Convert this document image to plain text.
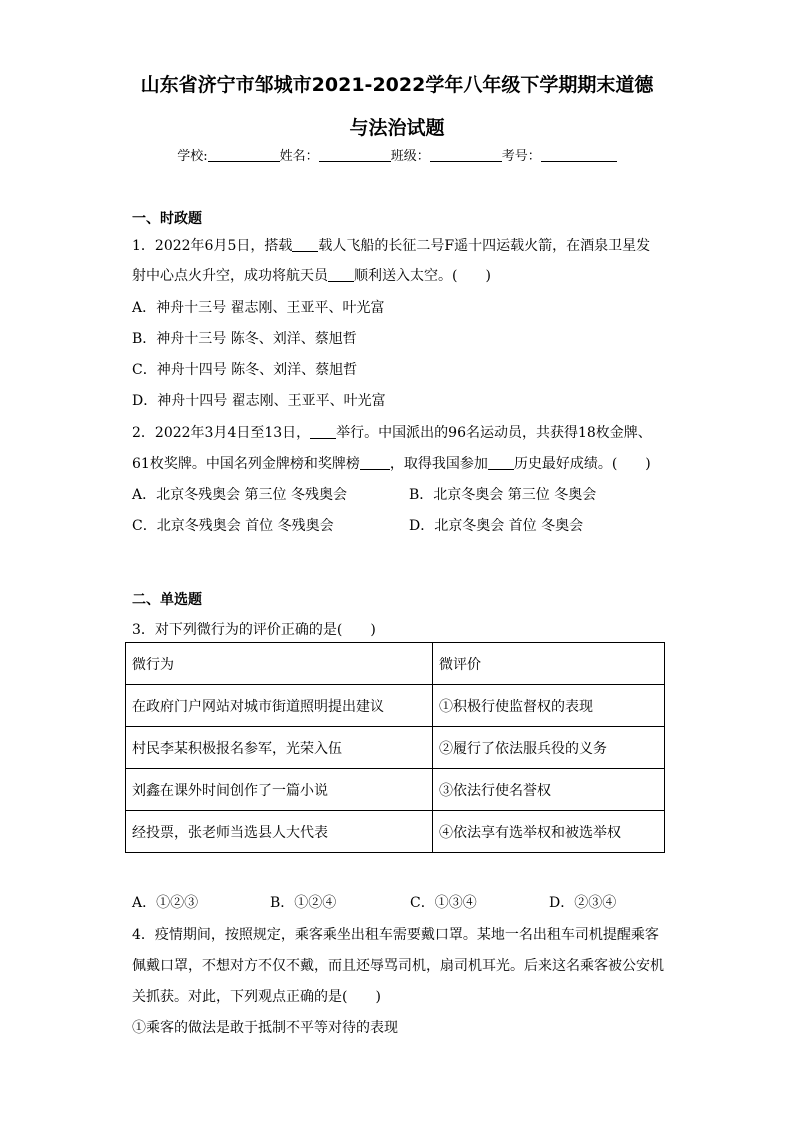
山东省济宁市邹城市2021-2022学年八年级下学期期末道德
与法治试题
学校:	姓名：	班级：	考号：
一、时政题
1．2022年6月5日，搭载 载人飞船的长征二号F遥十四运载火箭，在酒泉卫星发
射中心点火升空，成功将航天员 顺利送入太空。(　　)
A．神舟十三号 翟志刚、王亚平、叶光富
B．神舟十三号 陈冬、刘洋、蔡旭哲
C．神舟十四号 陈冬、刘洋、蔡旭哲
D．神舟十四号 翟志刚、王亚平、叶光富
2．2022年3月4日至13日， 举行。中国派出的96名运动员，共获得18枚金牌、
61枚奖牌。中国名列金牌榜和奖牌榜 ，取得我国参加 历史最好成绩。(　　)
A．北京冬残奥会 第三位 冬残奥会	B．北京冬奥会 第三位 冬奥会
C．北京冬残奥会 首位 冬残奥会	D．北京冬奥会 首位 冬奥会
二、单选题
3．对下列微行为的评价正确的是(　　)
微行为	微评价
在政府门户网站对城市街道照明提出建议	①积极行使监督权的表现
村民李某积极报名参军，光荣入伍	②履行了依法服兵役的义务
刘鑫在课外时间创作了一篇小说	③依法行使名誉权
经投票，张老师当选县人大代表	④依法享有选举权和被选举权
A．①②③	B．①②④	C．①③④	D．②③④
4．疫情期间，按照规定，乘客乘坐出租车需要戴口罩。某地一名出租车司机提醒乘客
佩戴口罩，不想对方不仅不戴，而且还辱骂司机，扇司机耳光。后来这名乘客被公安机
关抓获。对此，下列观点正确的是(　　)
①乘客的做法是敢于抵制不平等对待的表现
